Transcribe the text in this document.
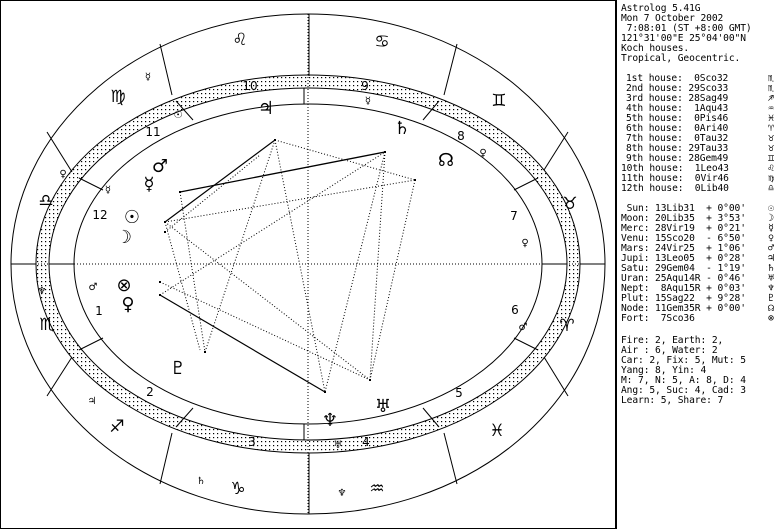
♎
♍
♌	♋
♊
♉
♈
♓
♒
♑
♐
♏
♂
♃
♄
♅
♆
♂
♀
♀
☿
☉
☿
♀
♆
☿
1
2
3	4
5
6
7
8
9
10
11
12
♃
♄
☊
♂
☿
☉
☽
⊗
♀
♇
♆
♅
Astrolog 5.41G
Mon 7 October 2002
7:08:01 (ST +8:00 GMT)
121°31'00"E 25°04'00"N
Koch houses.
Tropical, Geocentric.
1st house:  0Sco32	♏
2nd house: 29Sco33	♏
3rd house: 28Sag49	♐
4th house:  1Aqu43	♒
5th house:  0Pis46	♓
6th house:  0Ari40	♈
7th house:  0Tau32	♉
8th house: 29Tau33	♉
9th house: 28Gem49	♊
10th house:  1Leo43	♌
11th house:  0Vir46	♍
12th house:  0Lib40	♎
Sun: 13Lib31  + 0°00' ☉
Moon: 20Lib35  + 3°53' ☽
Merc: 28Vir19  + 0°21' ☿
Venu: 15Sco20  - 6°50' ♀
Mars: 24Vir25  + 1°06' ♂
Jupi: 13Leo05  + 0°28' ♃
Satu: 29Gem04  - 1°19' ♄
Uran: 25Aqu14R - 0°46' ♅
Nept:  8Aqu15R + 0°03' ♆
Plut: 15Sag22  + 9°28' ♇
Node: 11Gem35R + 0°00' ☊
Fort:  7Sco36	⊗
Fire: 2, Earth: 2,
Air : 6, Water: 2
Car: 2, Fix: 5, Mut: 5
Yang: 8, Yin: 4
M: 7, N: 5, A: 8, D: 4
Ang: 5, Suc: 4, Cad: 3
Learn: 5, Share: 7
